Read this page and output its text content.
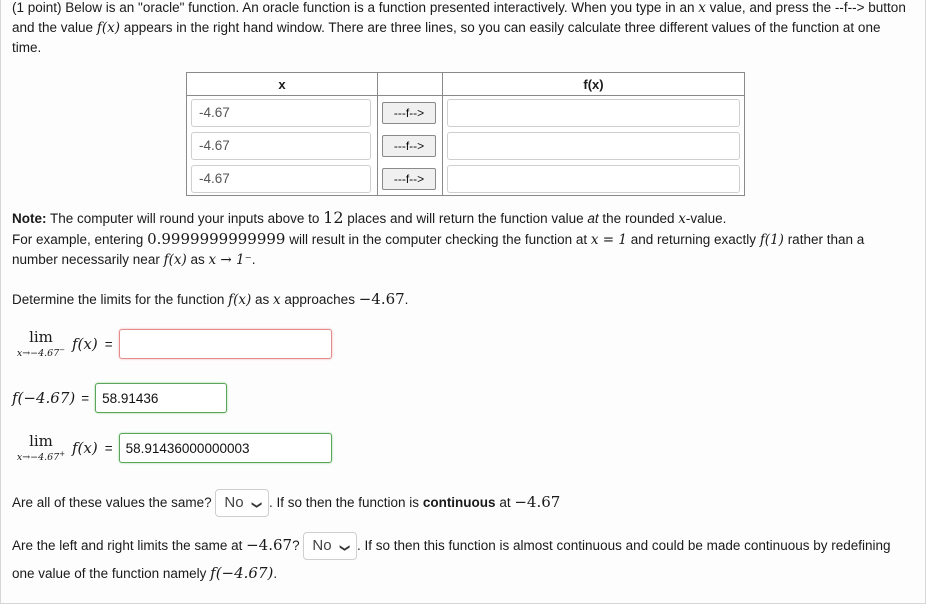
(1 point) Below is an "oracle" function. An oracle function is a function presented interactively. When you type in an x value, and press the --f--> button and the value f(x) appears in the right hand window. There are three lines, so you can easily calculate three different values of the function at one time.

x		f(x)
-4.67	---f-->	

-4.67	---f-->	

-4.67	---f-->	

Note: The computer will round your inputs above to 12 places and will return the function value at the rounded x-value.
For example, entering 0.9999999999999 will result in the computer checking the function at x = 1 and returning exactly f(1) rather than a number necessarily near f(x) as x → 1⁻.

Determine the limits for the function f(x) as x approaches −4.67.

lim
x→−4.67− f(x) =
f(−4.67) =
58.91436
lim
x→−4.67+ f(x) =
58.91436000000003

Are all of these values the same? No ❯ . If so then the function is continuous at −4.67

Are the left and right limits the same at −4.67? No ❯ . If so then this function is almost continuous and could be made continuous by redefining one value of the function namely f(−4.67).
